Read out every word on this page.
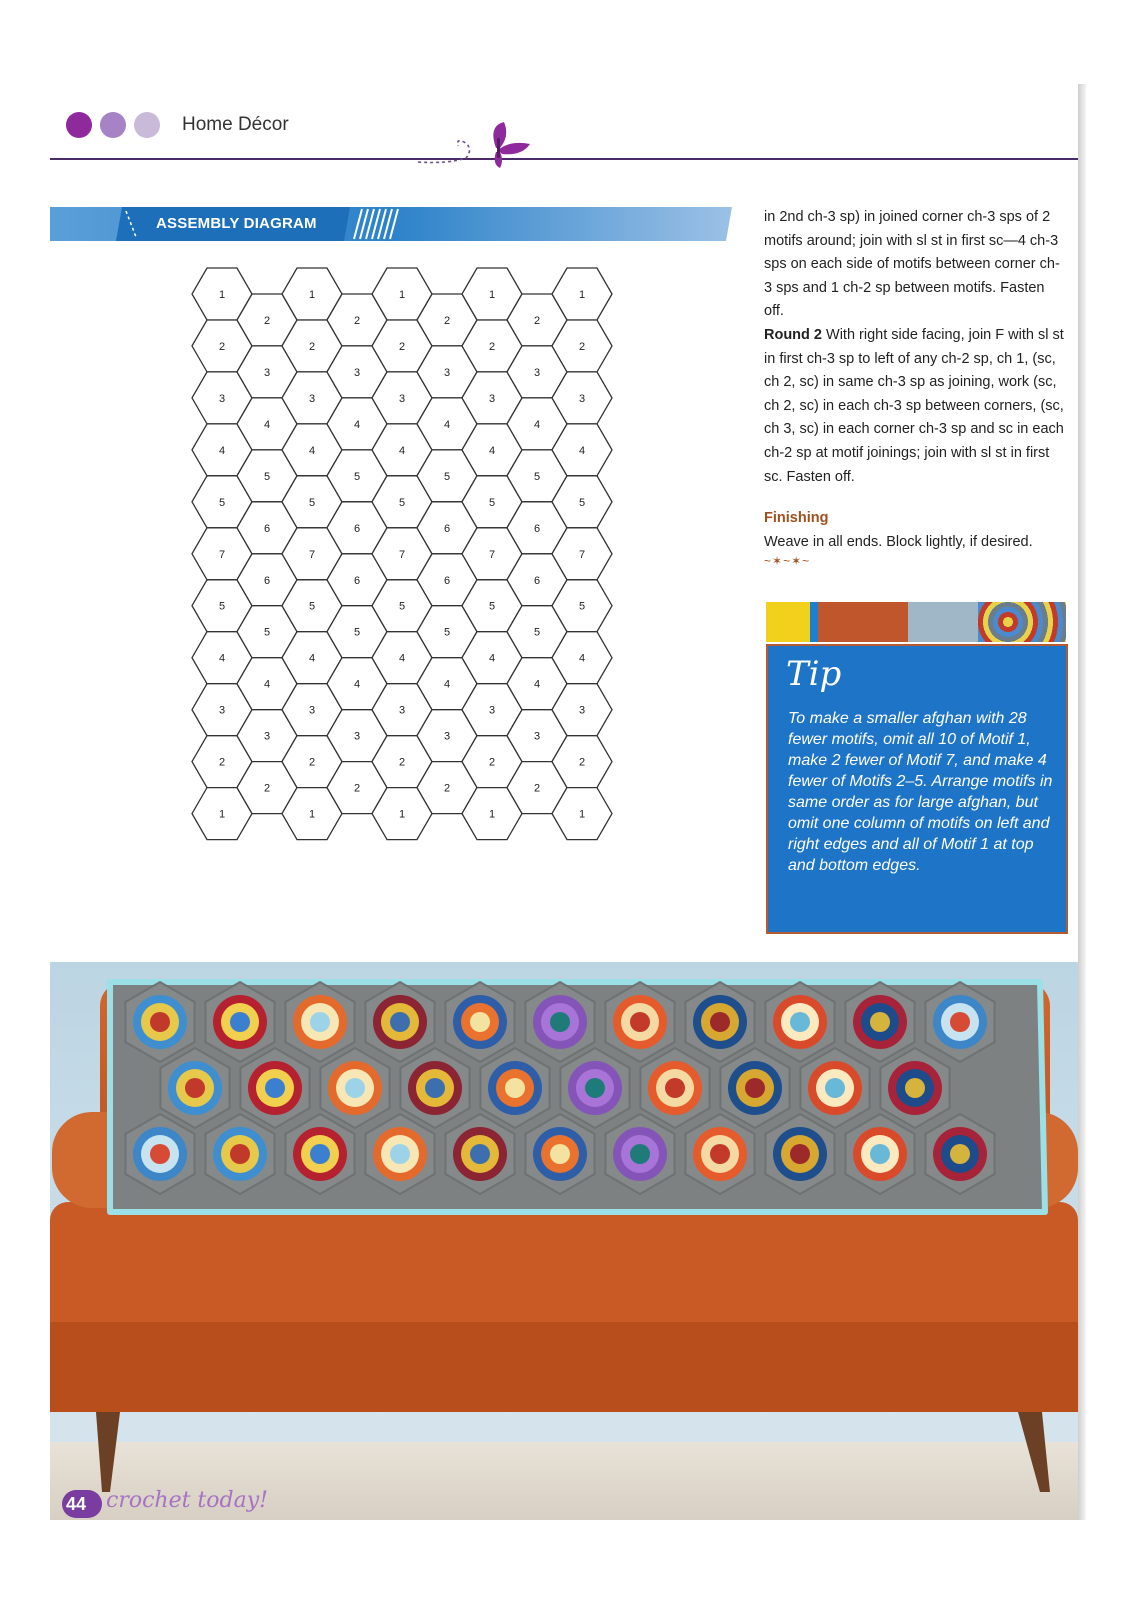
Home Décor
ASSEMBLY DIAGRAM
1
2
3
4
5
7
5
4
3
2
1
2
3
4
5
6
6
5
4
3
2
1
2
3
4
5
7
5
4
3
2
1
2
3
4
5
6
6
5
4
3
2
1
2
3
4
5
7
5
4
3
2
1
2
3
4
5
6
6
5
4
3
2
1
2
3
4
5
7
5
4
3
2
1
2
3
4
5
6
6
5
4
3
2
1
2
3
4
5
7
5
4
3
2
1

in 2nd ch-3 sp) in joined corner ch-3 sps of 2 motifs around; join with sl st in first sc—4 ch-3 sps on each side of motifs between corner ch-3 sps and 1 ch-2 sp between motifs. Fasten off.

Round 2 With right side facing, join F with sl st in first ch-3 sp to left of any ch-2 sp, ch 1, (sc, ch 2, sc) in same ch-3 sp as joining, work (sc, ch 2, sc) in each ch-3 sp between corners, (sc, ch 3, sc) in each corner ch-3 sp and sc in each ch-2 sp at motif joinings; join with sl st in first sc. Fasten off.

Finishing

Weave in all ends. Block lightly, if desired.

~✶~✶~
Tip
To make a smaller afghan with 28 fewer motifs, omit all 10 of Motif 1, make 2 fewer of Motif 7, and make 4 fewer of Motifs 2–5. Arrange motifs in same order as for large afghan, but omit one column of motifs on left and right edges and all of Motif 1 at top and bottom edges.
44 crochet today!
